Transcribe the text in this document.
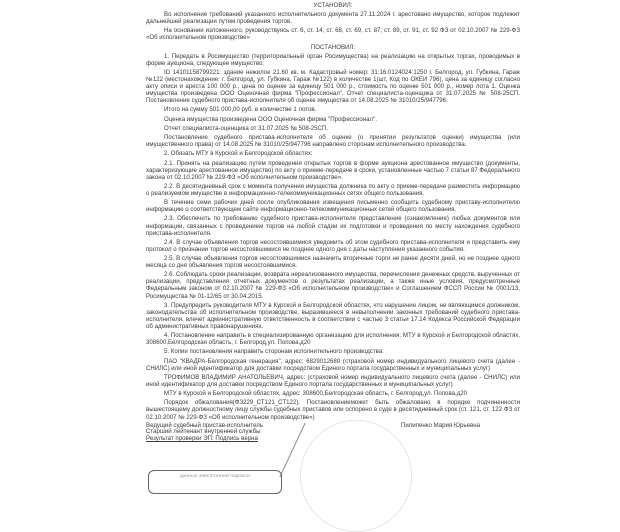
УСТАНОВИЛ:

Во исполнение требований указанного исполнительного документа 27.11.2024 г. арестовано имущество, которое подлежит дальнейшей реализации путем проведения торгов.

На основании изложенного, руководствуясь ст. 6, ст. 14, ст. 68, ст. 69, ст. 87, ст. 89, ст. 91, ст. 92 ФЗ от 02.10.2007 № 229-ФЗ «Об исполнительном производстве»

ПОСТАНОВИЛ:

1. Передать в Росимущество (территориальный орган Росимущества) на реализацию на открытых торгах, проводимых в форме аукциона, следующее имущество:

ID 14101158799221: здание нежилое 21.60 кв. м. Кадастровый номер: 31:16:0124024:1250 г. Белгород, ул. Губкина, Гараж №122 (местонахождение: г. Белгород, ул. Губкина, Гараж №122) в количестве 1(шт, Код по ОКЕИ 796), цена за единицу согласно акту описи и ареста 100 000 р., цена по оценке за единицу 501 000 р., стоимость по оценке 501 000 р., номер лота 1. Оценка имущества произведена ООО Оценочная фирма "Профессионал". Отчет специалиста-оценщика от 31.07.2025 № 508-25СП. Постановление судебного пристава-исполнителя об оценке имущества от 14.08.2025 № 31010/25/947796.

Итого на сумму 501 000,00 руб. в количестве 1 лотов.

Оценка имущества произведена ООО Оценочная фирма "Профессионал".

Отчет специалиста-оценщика от 31.07.2025 № 508-25СП.

Постановление судебного пристава-исполнителя об оценке (о принятии результатов оценки) имущества (или имущественного права) от 14.08.2025 № 31010/25/947796 направлено сторонам исполнительного производства.

2. Обязать МТУ в Курской и Белгородской областях:

2.1. Принять на реализацию путем проведения открытых торгов в форме аукциона арестованное имущество (документы, характеризующие арестованное имущество) по акту о приеме-передаче в сроки, установленные частью 7 статьи 87 Федерального закона от 02.10.2007 № 229-ФЗ «Об исполнительном производстве».

2.2. В десятидневный срок с момента получения имущества должника по акту о приеме-передаче разместить информацию о реализуемом имуществе в информационно-телекоммуникационных сетях общего пользования.

В течение семи рабочих дней после опубликования извещения письменно сообщить судебному приставу-исполнителю информацию о соответствующем сайте информационно-телекоммуникационных сетей общего пользования.

2.3. Обеспечить по требованию судебного пристава-исполнителя представление (ознакомление) любых документов или информации, связанных с проведением торгов на любой стадии их подготовки и проведения по месту нахождения судебного пристава-исполнителя.

2.4. В случае объявления торгов несостоявшимися уведомить об этом судебного пристава-исполнителя и представить ему протокол о признании торгов несостоявшимися не позднее одного дня с даты наступления указанного события.

2.5. В случае объявления торгов несостоявшимися назначить вторичные торги не ранее десяти дней, но не позднее одного месяца со дня объявления торгов несостоявшимися.

2.6. Соблюдать сроки реализации, возврата нереализованного имущества, перечисления денежных средств, вырученных от реализации, представления отчетных документов о результатах реализации, а также иные условия, предусмотренные Федеральным законом от 02.10.2007 № 229-ФЗ «Об исполнительном производстве» и Соглашением ФССП России № 0001/13, Росимущества № 01-12/65 от 30.04.2015.

3. Предупредить руководителя МТУ в Курской и Белгородской областях, что нарушение лицом, не являющимся должником, законодательства об исполнительном производстве, выразившееся в невыполнении законных требований судебного пристава-исполнителя, влечет административную ответственность в соответствии с частью 3 статьи 17.14 Кодекса Российской Федерации об административных правонарушениях.

4. Постановление направить в специализированную организацию для исполнения: МТУ в Курской и Белгородской областях, 308600,Белгородская область, г. Белгород,ул. Попова,д20

5. Копии постановления направить сторонам исполнительного производства:

ПАО "КВАДРА-Белгородская генерация", адрес: 6829012680 (страховой номер индивидуального лицевого счета (далее - СНИЛС) или иной идентификатор для доставки посредством Единого портала государственных и муниципальных услуг)

ТРОФИМОВ ВЛАДИМИР АНАТОЛЬЕВИЧ, адрес: (страховой номер индивидуального лицевого счета (далее - СНИЛС) или иной идентификатор для доставки посредством Единого портала государственных и муниципальных услуг)

МТУ в Курской и Белгородской областях, адрес: 308600,Белгородская область, г. Белгород,ул. Попова,д20

Порядок обжалования(ФЗ229_СТ121_СТ122). Постановлениеможет быть обжаловано в порядке подчиненности вышестоящему должностному лицу службы судебных приставов или оспорено в суде в десятидневный срок (ст. 121, ст. 122 ФЗ от 02.10.2007 № 229-ФЗ «Об исполнительном производстве»)

Ведущий судебный пристав-исполнитель
Старший лейтенант внутренней службы
Результат проверки ЭП: Подпись верна
Пилипенко Мария Юрьевна
ДАННЫЕ ЭЛЕКТРОННОЙ ПОДПИСИ
